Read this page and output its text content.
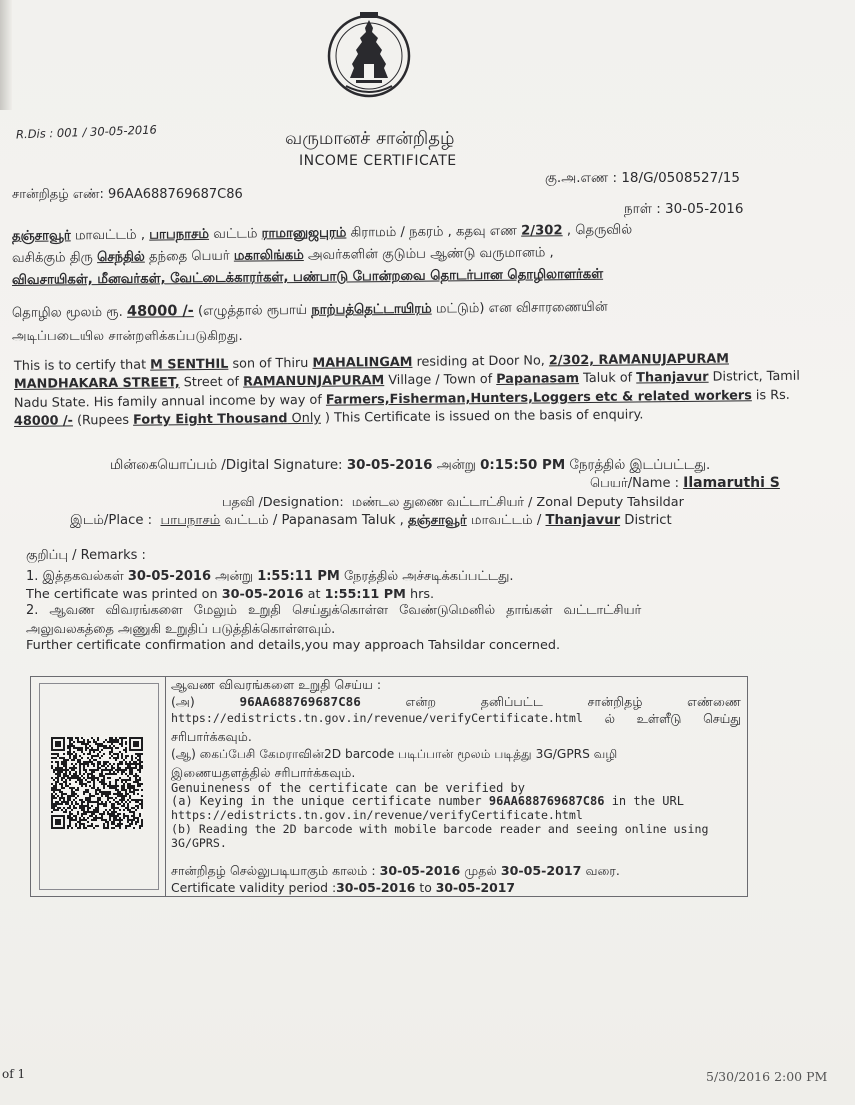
R.Dis : 001 / 30-05-2016	வருமானச் சான்றிதழ்
INCOME CERTIFICATE
சான்றிதழ் எண்: 96AA688769687C86
கு.அ.எண : 18/G/0508527/15
நாள் : 30-05-2016
தஞ்சாவூர் மாவட்டம் , பாபநாசம் வட்டம் ராமானுஜபுரம் கிராமம் / நகரம் , கதவு எண 2/302 , தெருவில்
வசிக்கும் திரு செந்தில் தந்தை பெயர் மகாலிங்கம் அவர்களின் குடும்ப ஆண்டு வருமானம் ,
விவசாயிகள், மீனவர்கள், வேட்டைக்காரர்கள், பண்பாடு போன்றவை தொடர்பான தொழிலாளர்கள்
தொழில மூலம் ரூ. 48000 /- (எழுத்தால் ரூபாய் நாற்பத்தெட்டாயிரம் மட்டும்) என விசாரணையின்
அடிப்படையில சான்றளிக்கப்படுகிறது.
This is to certify that M SENTHIL son of Thiru MAHALINGAM residing at Door No, 2/302, RAMANUJAPURAM
MANDHAKARA STREET, Street of RAMANUNJAPURAM Village / Town of Papanasam Taluk of Thanjavur District, Tamil
Nadu State. His family annual income by way of Farmers,Fisherman,Hunters,Loggers etc & related workers is Rs.
48000 /- (Rupees Forty Eight Thousand Only ) This Certificate is issued on the basis of enquiry.
மின்கையொப்பம் /Digital Signature: 30-05-2016 அன்று 0:15:50 PM நேரத்தில் இடப்பட்டது.
பெயர்/Name : Ilamaruthi S
பதவி /Designation: மண்டல துணை வட்டாட்சியர் / Zonal Deputy Tahsildar
இடம்/Place :  பாபநாசம் வட்டம் / Papanasam Taluk , தஞ்சாவூர் மாவட்டம் / Thanjavur District
குறிப்பு / Remarks :
1. இத்தகவல்கள் 30-05-2016 அன்று 1:55:11 PM நேரத்தில் அச்சடிக்கப்பட்டது.
The certificate was printed on 30-05-2016 at 1:55:11 PM hrs.
2. ஆவண விவரங்களை மேலும் உறுதி செய்துக்கொள்ள வேண்டுமெனில் தாங்கள் வட்டாட்சியர்
அலுவலகத்தை அணுகி உறுதிப் படுத்திக்கொள்ளவும்.
Further certificate confirmation and details,you may approach Tahsildar concerned.
ஆவண விவரங்களை உறுதி செய்ய :
(அ)	96AA688769687C86	என்ற	தனிப்பட்ட	சான்றிதழ்	எண்ணை
https://edistricts.tn.gov.in/revenue/verifyCertificate.html ல் உள்ளீடு செய்து
சரிபார்க்கவும்.
(ஆ) கைப்பேசி கேமராவின்2D barcode படிப்பான் மூலம் படித்து 3G/GPRS வழி
இணையதளத்தில் சரிபார்க்கவும்.
Genuineness of the certificate can be verified by
(a) Keying in the unique certificate number 96AA688769687C86 in the URL
https://edistricts.tn.gov.in/revenue/verifyCertificate.html
(b) Reading the 2D barcode with mobile barcode reader and seeing online using
3G/GPRS.
சான்றிதழ் செல்லுபடியாகும் காலம் : 30-05-2016 முதல் 30-05-2017 வரை.
Certificate validity period :30-05-2016 to 30-05-2017
of 1	5/30/2016 2:00 PM
